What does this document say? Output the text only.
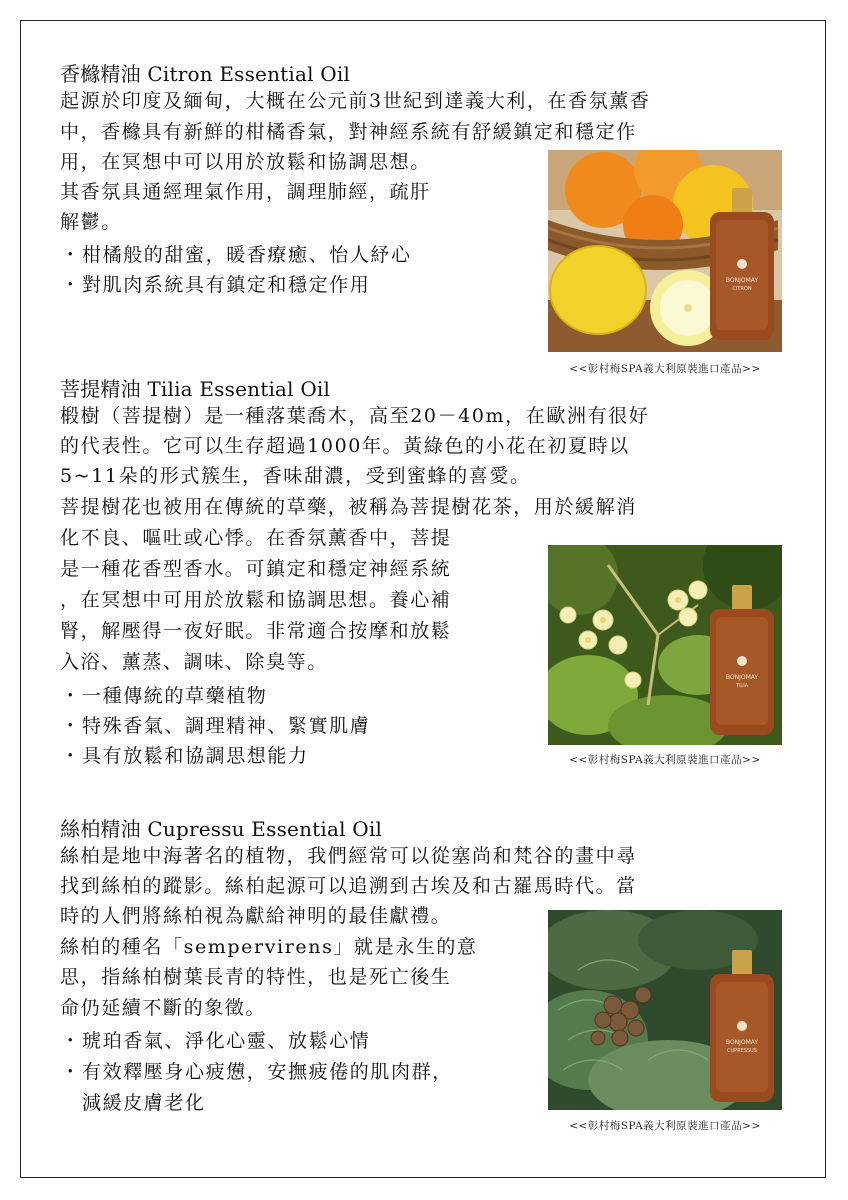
香櫞精油 Citron Essential Oil
起源於印度及緬甸，大概在公元前3世紀到達義大利，在香氛薰香
中，香櫞具有新鮮的柑橘香氣，對神經系統有舒緩鎮定和穩定作
用，在冥想中可以用於放鬆和協調思想。
其香氛具通經理氣作用，調理肺經，疏肝
解鬱。
・柑橘般的甜蜜，暖香療癒、怡人紓心
・對肌肉系統具有鎮定和穩定作用	BONJOMAY
CITRON
<<彰村梅SPA義大利原裝進口產品>>
菩提精油 Tilia Essential Oil
椴樹（菩提樹）是一種落葉喬木，高至20－40m，在歐洲有很好
的代表性。它可以生存超過1000年。黃綠色的小花在初夏時以
5~11朵的形式簇生，香味甜濃，受到蜜蜂的喜愛。
菩提樹花也被用在傳統的草藥，被稱為菩提樹花茶，用於緩解消
化不良、嘔吐或心悸。在香氛薰香中，菩提
是一種花香型香水。可鎮定和穩定神經系統
，在冥想中可用於放鬆和協調思想。養心補
腎，解壓得一夜好眠。非常適合按摩和放鬆
入浴、薰蒸、調味、除臭等。
・一種傳統的草藥植物
・特殊香氣、調理精神、緊實肌膚
・具有放鬆和協調思想能力
BONJOMAY
TILIA
<<彰村梅SPA義大利原裝進口產品>>
絲柏精油 Cupressu Essential Oil
絲柏是地中海著名的植物，我們經常可以從塞尚和梵谷的畫中尋
找到絲柏的蹤影。絲柏起源可以追溯到古埃及和古羅馬時代。當
時的人們將絲柏視為獻給神明的最佳獻禮。
絲柏的種名「sempervirens」就是永生的意
思，指絲柏樹葉長青的特性，也是死亡後生
命仍延續不斷的象徵。
・琥珀香氣、淨化心靈、放鬆心情
・有效釋壓身心疲憊，安撫疲倦的肌肉群，
減緩皮膚老化
BONJOMAY
CUPRESSUS
<<彰村梅SPA義大利原裝進口產品>>
